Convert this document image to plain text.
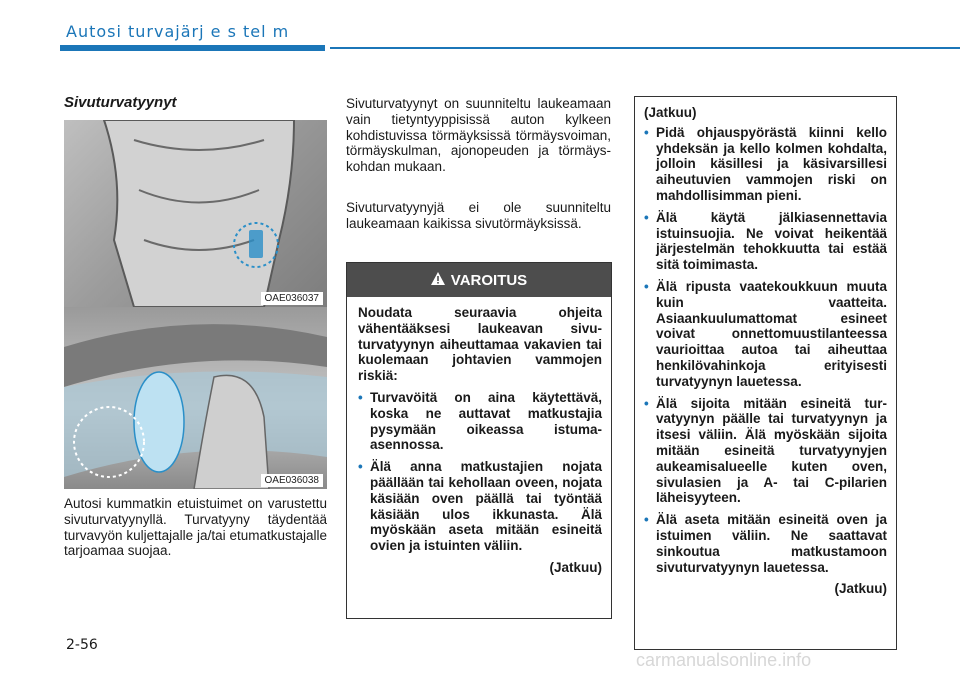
Autosi turvajärj e s tel m
Sivuturvatyynyt
OAE036037
OAE036038
Autosi kummatkin etuistuimet on varustettu sivuturvatyynyllä. Turvatyyny täydentää turvavyön kuljettajalle ja/tai etumatkustajalle tarjoamaa suojaa.
Sivuturvatyynyt on suunniteltu laukeamaan vain tietyntyyppisissä auton kylkeen kohdistuvissa törmäyksissä törmäysvoiman, törmäyskulman, ajonopeuden ja törmäyskohdan mukaan.
Sivuturvatyynyjä ei ole suunniteltu laukeamaan kaikissa sivutörmäyksissä.
VAROITUS

Noudata seuraavia ohjeita vähentääksesi laukeavan sivuturvatyynyn aiheuttamaa vakavien tai kuolemaan johtavien vammojen riskiä:

• Turvavöitä on aina käytettävä, koska ne auttavat matkustajia pysymään oikeassa istuma-asennossa.
• Älä anna matkustajien nojata päällään tai kehollaan oveen, nojata käsiään oven päällä tai työntää käsiään ulos ikkunasta. Älä myöskään aseta mitään esineitä ovien ja istuinten väliin.
(Jatkuu)
(Jatkuu)
• Pidä ohjauspyörästä kiinni kello yhdeksän ja kello kolmen kohdalta, jolloin käsillesi ja käsivarsillesi aiheutuvien vammojen riski on mahdollisimman pieni.
• Älä käytä jälkiasennettavia istuinsuojia. Ne voivat heikentää järjestelmän tehokkuutta tai estää sitä toimimasta.
• Älä ripusta vaatekoukkuun muuta kuin vaatteita. Asiaankuulumattomat esineet voivat onnettomuustilanteessa vaurioittaa autoa tai aiheuttaa henkilövahinkoja erityisesti turvatyynyn lauetessa.
• Älä sijoita mitään esineitä turvatyynyn päälle tai turvatyynyn ja itsesi väliin. Älä myöskään sijoita mitään esineitä turvatyynyjen aukeamisalueelle kuten oven, sivulasien ja A- tai C-pilarien läheisyyteen.
• Älä aseta mitään esineitä oven ja istuimen väliin. Ne saattavat sinkoutua matkustamoon sivuturvatyynyn lauetessa.
(Jatkuu)
2-56
carmanualsonline.info
